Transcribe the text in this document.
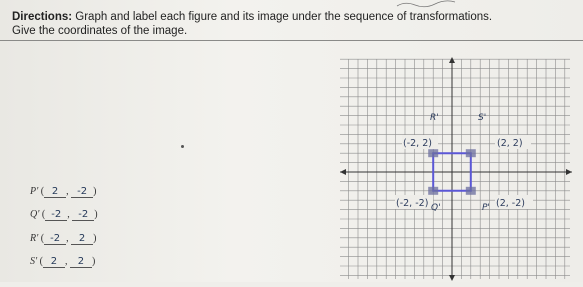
Directions: Graph and label each figure and its image under the sequence of transformations.
Give the coordinates of the image.
P' ( 2 , -2 )
Q' ( -2 , -2 )
R' ( -2 , 2 )
S' ( 2 , 2 )
(-2, 2)
R'	S'
(2, 2)
(-2, -2) Q'	P' (2, -2)
